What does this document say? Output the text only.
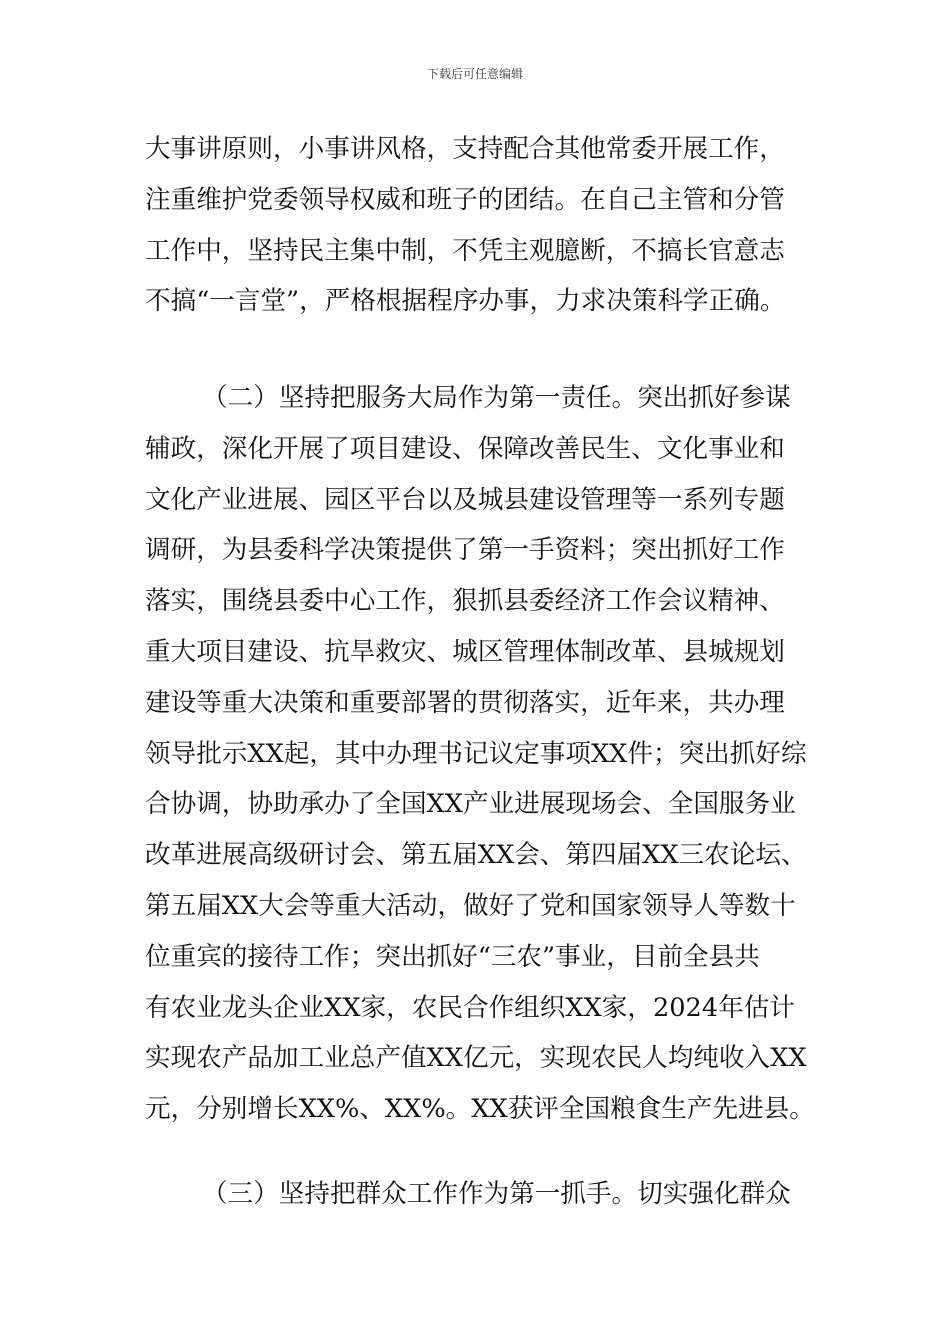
下载后可任意编辑
大事讲原则，小事讲风格，支持配合其他常委开展工作，
注重维护党委领导权威和班子的团结。在自己主管和分管
工作中，坚持民主集中制，不凭主观臆断，不搞长官意志
不搞“一言堂”，严格根据程序办事，力求决策科学正确。
（二）坚持把服务大局作为第一责任。突出抓好参谋
辅政，深化开展了项目建设、保障改善民生、文化事业和
文化产业进展、园区平台以及城县建设管理等一系列专题
调研，为县委科学决策提供了第一手资料；突出抓好工作
落实，围绕县委中心工作，狠抓县委经济工作会议精神、
重大项目建设、抗旱救灾、城区管理体制改革、县城规划
建设等重大决策和重要部署的贯彻落实，近年来，共办理
领导批示XX起，其中办理书记议定事项XX件；突出抓好综
合协调，协助承办了全国XX产业进展现场会、全国服务业
改革进展高级研讨会、第五届XX会、第四届XX三农论坛、
第五届XX大会等重大活动，做好了党和国家领导人等数十
位重宾的接待工作；突出抓好“三农”事业，目前全县共
有农业龙头企业XX家，农民合作组织XX家，2024年估计
实现农产品加工业总产值XX亿元，实现农民人均纯收入XX
元，分别增长XX%、XX%。XX获评全国粮食生产先进县。
（三）坚持把群众工作作为第一抓手。切实强化群众
